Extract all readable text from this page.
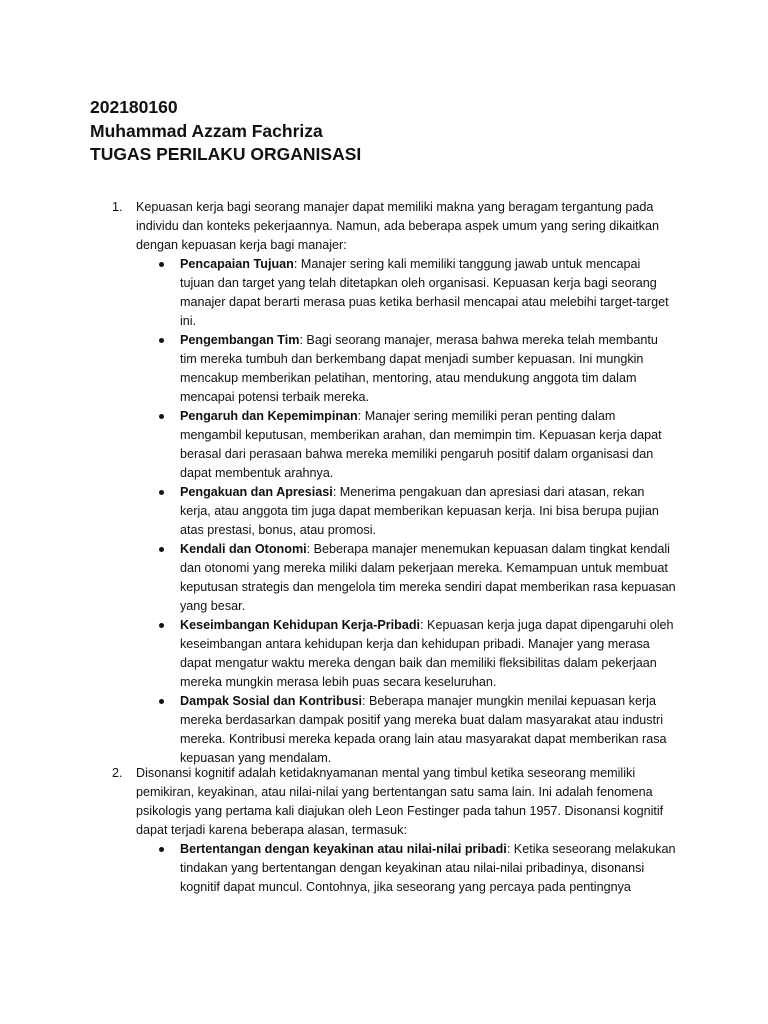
202180160
Muhammad Azzam Fachriza
TUGAS PERILAKU ORGANISASI
1. Kepuasan kerja bagi seorang manajer dapat memiliki makna yang beragam tergantung pada individu dan konteks pekerjaannya. Namun, ada beberapa aspek umum yang sering dikaitkan dengan kepuasan kerja bagi manajer:

Pencapaian Tujuan: Manajer sering kali memiliki tanggung jawab untuk mencapai tujuan dan target yang telah ditetapkan oleh organisasi. Kepuasan kerja bagi seorang manajer dapat berarti merasa puas ketika berhasil mencapai atau melebihi target-target ini.
Pengembangan Tim: Bagi seorang manajer, merasa bahwa mereka telah membantu tim mereka tumbuh dan berkembang dapat menjadi sumber kepuasan. Ini mungkin mencakup memberikan pelatihan, mentoring, atau mendukung anggota tim dalam mencapai potensi terbaik mereka.
Pengaruh dan Kepemimpinan: Manajer sering memiliki peran penting dalam mengambil keputusan, memberikan arahan, dan memimpin tim. Kepuasan kerja dapat berasal dari perasaan bahwa mereka memiliki pengaruh positif dalam organisasi dan dapat membentuk arahnya.
Pengakuan dan Apresiasi: Menerima pengakuan dan apresiasi dari atasan, rekan kerja, atau anggota tim juga dapat memberikan kepuasan kerja. Ini bisa berupa pujian atas prestasi, bonus, atau promosi.
Kendali dan Otonomi: Beberapa manajer menemukan kepuasan dalam tingkat kendali dan otonomi yang mereka miliki dalam pekerjaan mereka. Kemampuan untuk membuat keputusan strategis dan mengelola tim mereka sendiri dapat memberikan rasa kepuasan yang besar.
Keseimbangan Kehidupan Kerja-Pribadi: Kepuasan kerja juga dapat dipengaruhi oleh keseimbangan antara kehidupan kerja dan kehidupan pribadi. Manajer yang merasa dapat mengatur waktu mereka dengan baik dan memiliki fleksibilitas dalam pekerjaan mereka mungkin merasa lebih puas secara keseluruhan.
Dampak Sosial dan Kontribusi: Beberapa manajer mungkin menilai kepuasan kerja mereka berdasarkan dampak positif yang mereka buat dalam masyarakat atau industri mereka. Kontribusi mereka kepada orang lain atau masyarakat dapat memberikan rasa kepuasan yang mendalam.
2. Disonansi kognitif adalah ketidaknyamanan mental yang timbul ketika seseorang memiliki pemikiran, keyakinan, atau nilai-nilai yang bertentangan satu sama lain. Ini adalah fenomena psikologis yang pertama kali diajukan oleh Leon Festinger pada tahun 1957. Disonansi kognitif dapat terjadi karena beberapa alasan, termasuk:

Bertentangan dengan keyakinan atau nilai-nilai pribadi: Ketika seseorang melakukan tindakan yang bertentangan dengan keyakinan atau nilai-nilai pribadinya, disonansi kognitif dapat muncul. Contohnya, jika seseorang yang percaya pada pentingnya
